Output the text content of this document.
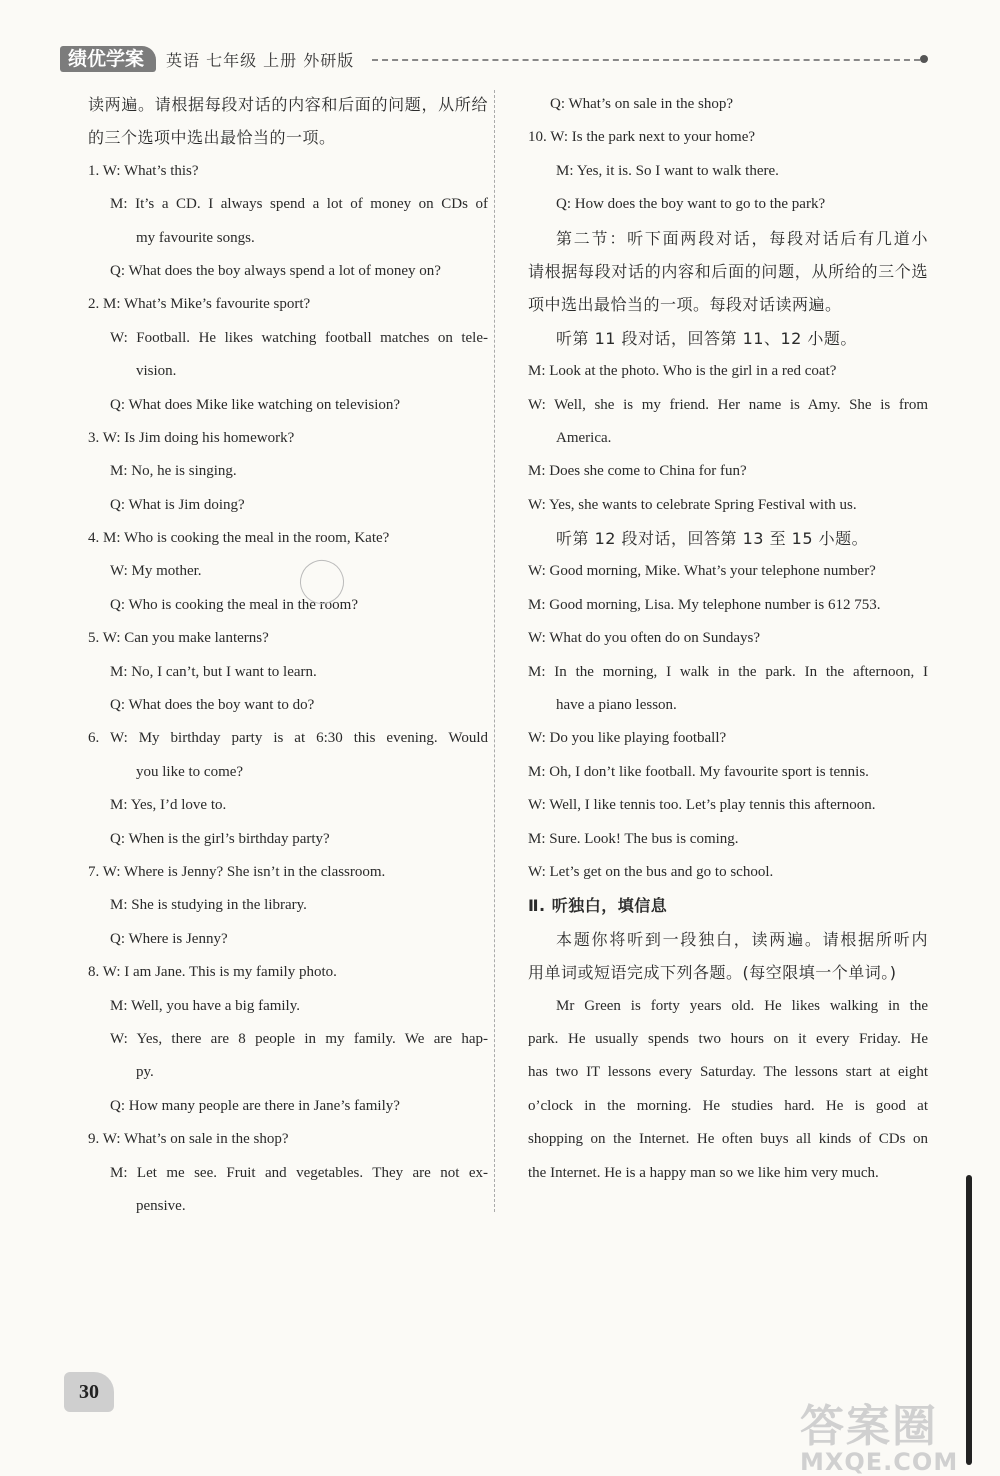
绩优学案	英语 七年级 上册 外研版
读两遍。请根据每段对话的内容和后面的问题，从所给
的三个选项中选出最恰当的一项。
1. W: What’s this?
M: It’s a CD. I always spend a lot of money on CDs of
my favourite songs.
Q: What does the boy always spend a lot of money on?
2. M: What’s Mike’s favourite sport?
W: Football. He likes watching football matches on tele-
vision.
Q: What does Mike like watching on television?
3. W: Is Jim doing his homework?
M: No, he is singing.
Q: What is Jim doing?
4. M: Who is cooking the meal in the room, Kate?
W: My mother.
Q: Who is cooking the meal in the room?
5. W: Can you make lanterns?
M: No, I can’t, but I want to learn.
Q: What does the boy want to do?
6. W: My birthday party is at 6:30 this evening. Would
you like to come?
M: Yes, I’d love to.
Q: When is the girl’s birthday party?
7. W: Where is Jenny? She isn’t in the classroom.
M: She is studying in the library.
Q: Where is Jenny?
8. W: I am Jane. This is my family photo.
M: Well, you have a big family.
W: Yes, there are 8 people in my family. We are hap-
py.
Q: How many people are there in Jane’s family?
9. W: What’s on sale in the shop?
M: Let me see. Fruit and vegetables. They are not ex-
pensive.
Q: What’s on sale in the shop?
10. W: Is the park next to your home?
M: Yes, it is. So I want to walk there.
Q: How does the boy want to go to the park?
第二节：听下面两段对话，每段对话后有几道小
请根据每段对话的内容和后面的问题，从所给的三个选
项中选出最恰当的一项。每段对话读两遍。
听第 11 段对话，回答第 11、12 小题。
M: Look at the photo. Who is the girl in a red coat?
W: Well, she is my friend. Her name is Amy. She is from
America.
M: Does she come to China for fun?
W: Yes, she wants to celebrate Spring Festival with us.
听第 12 段对话，回答第 13 至 15 小题。
W: Good morning, Mike. What’s your telephone number?
M: Good morning, Lisa. My telephone number is 612 753.
W: What do you often do on Sundays?
M: In the morning, I walk in the park. In the afternoon, I
have a piano lesson.
W: Do you like playing football?
M: Oh, I don’t like football. My favourite sport is tennis.
W: Well, I like tennis too. Let’s play tennis this afternoon.
M: Sure. Look! The bus is coming.
W: Let’s get on the bus and go to school.
Ⅱ. 听独白，填信息
本题你将听到一段独白，读两遍。请根据所听内
用单词或短语完成下列各题。(每空限填一个单词。)
Mr Green is forty years old. He likes walking in the
park. He usually spends two hours on it every Friday. He
has two IT lessons every Saturday. The lessons start at eight
o’clock in the morning. He studies hard. He is good at
shopping on the Internet. He often buys all kinds of CDs on
the Internet. He is a happy man so we like him very much.
30
答案圈
MXQE.COM
